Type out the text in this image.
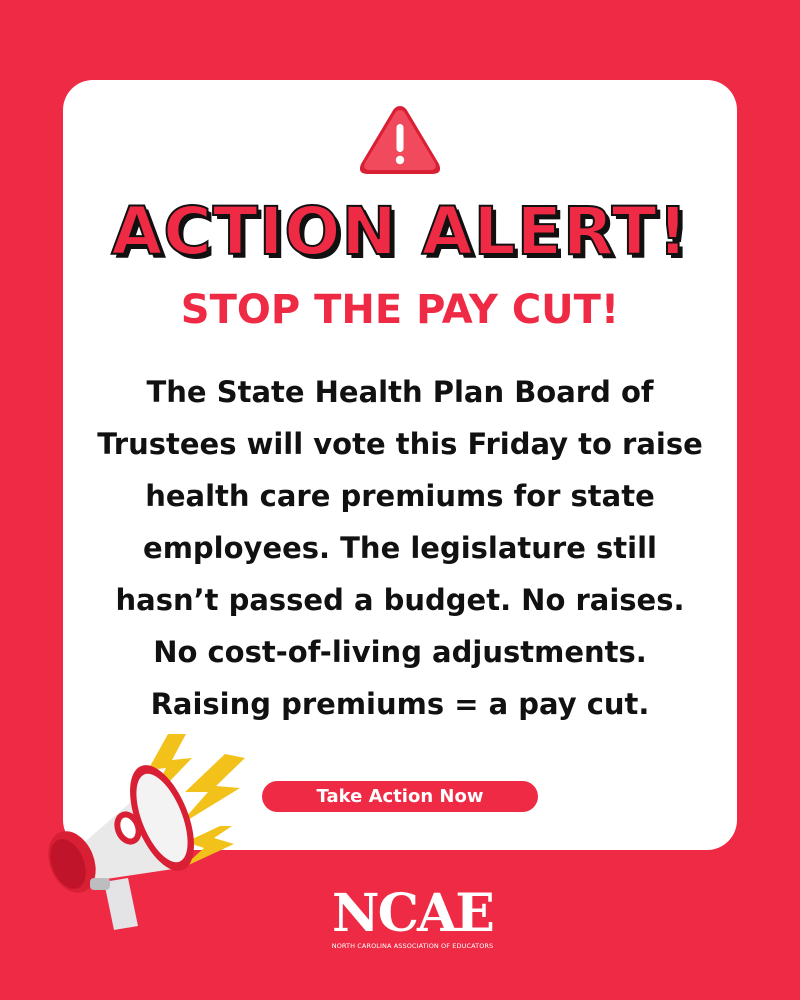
ACTION ALERT!
STOP THE PAY CUT!
The State Health Plan Board of
Trustees will vote this Friday to raise
health care premiums for state
employees. The legislature still
hasn’t passed a budget. No raises.
No cost-of-living adjustments.
Raising premiums = a pay cut.
Take Action Now
NCAE
NORTH CAROLINA ASSOCIATION OF EDUCATORS
